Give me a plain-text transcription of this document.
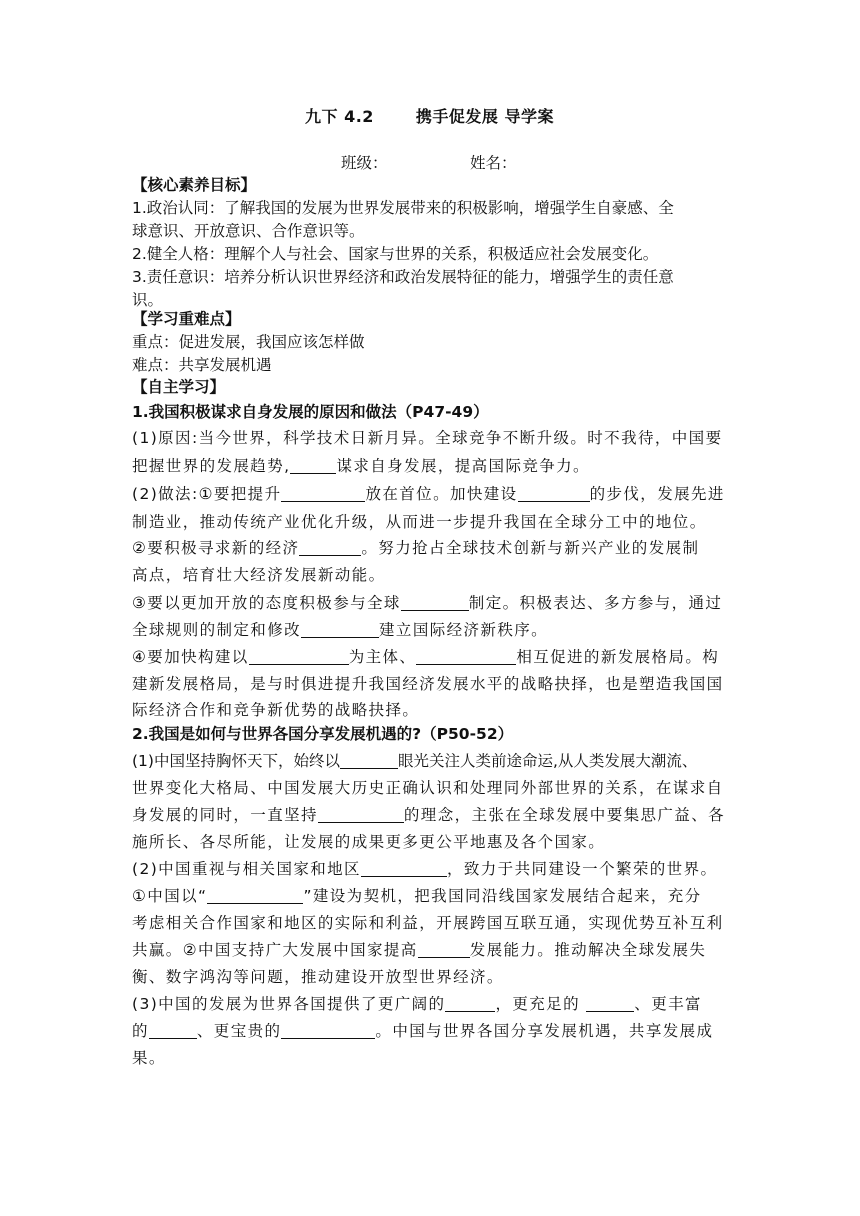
九下 4.2	携手促发展 导学案
班级：	姓名：
【核心素养目标】
1.政治认同：了解我国的发展为世界发展带来的积极影响，增强学生自豪感、全
球意识、开放意识、合作意识等。
2.健全人格：理解个人与社会、国家与世界的关系，积极适应社会发展变化。
3.责任意识：培养分析认识世界经济和政治发展特征的能力，增强学生的责任意
识。
【学习重难点】
重点：促进发展，我国应该怎样做
难点：共享发展机遇
【自主学习】
1.我国积极谋求自身发展的原因和做法（P47-49）
(1)原因:当今世界，科学技术日新月异。全球竞争不断升级。时不我待，中国要
把握世界的发展趋势,	谋求自身发展，提高国际竞争力。
(2)做法:①要把提升	放在首位。加快建设	的步伐，发展先进
制造业，推动传统产业优化升级，从而进一步提升我国在全球分工中的地位。
②要积极寻求新的经济	。努力抢占全球技术创新与新兴产业的发展制
高点，培育壮大经济发展新动能。
③要以更加开放的态度积极参与全球	制定。积极表达、多方参与，通过
全球规则的制定和修改	建立国际经济新秩序。
④要加快构建以	为主体、	相互促进的新发展格局。构
建新发展格局，是与时俱进提升我国经济发展水平的战略抉择，也是塑造我国国
际经济合作和竞争新优势的战略抉择。
2.我国是如何与世界各国分享发展机遇的?（P50-52）
(1)中国坚持胸怀天下，始终以	眼光关注人类前途命运,从人类发展大潮流、
世界变化大格局、中国发展大历史正确认识和处理同外部世界的关系，在谋求自
身发展的同时，一直坚持	的理念，主张在全球发展中要集思广益、各
施所长、各尽所能，让发展的成果更多更公平地惠及各个国家。
(2)中国重视与相关国家和地区	，致力于共同建设一个繁荣的世界。
①中国以“	”建设为契机，把我国同沿线国家发展结合起来，充分
考虑相关合作国家和地区的实际和利益，开展跨国互联互通，实现优势互补互利
共赢。②中国支持广大发展中国家提高	发展能力。推动解决全球发展失
衡、数字鸿沟等问题，推动建设开放型世界经济。
(3)中国的发展为世界各国提供了更广阔的	，更充足的	、更丰富
的	、更宝贵的	。中国与世界各国分享发展机遇，共享发展成
果。
